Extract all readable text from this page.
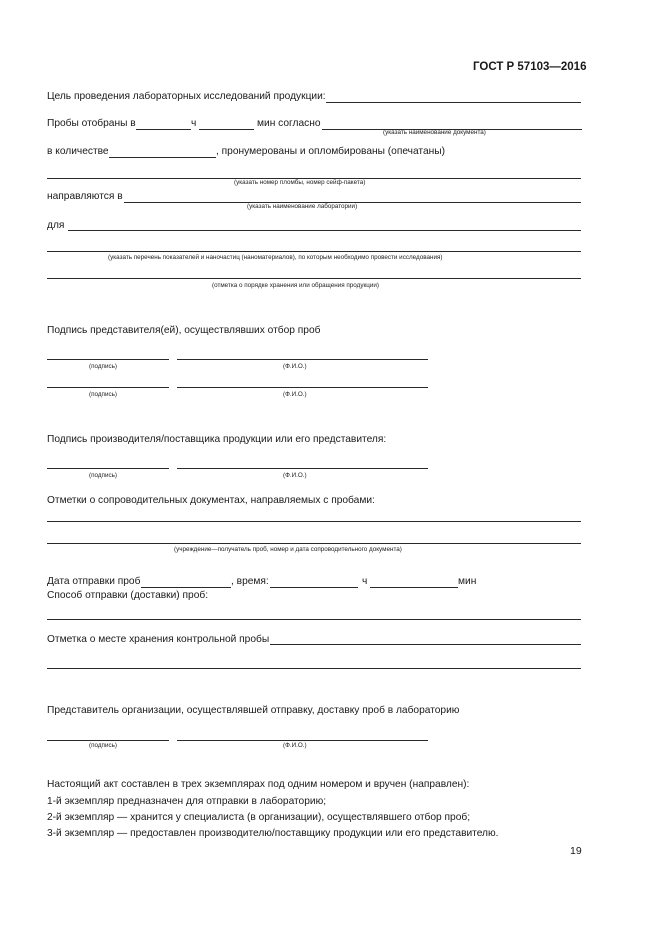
ГОСТ Р 57103—2016
Цель проведения лабораторных исследований продукции:
Пробы отобраны в	ч	мин согласно
(указать наименование документа)
в количестве	, пронумерованы и опломбированы (опечатаны)
(указать номер пломбы, номер сейф-пакета)
направляются в
(указать наименование лаборатории)
для
(указать перечень показателей и наночастиц (наноматериалов), по которым необходимо провести исследования)
(отметка о порядке хранения или обращения продукции)
Подпись представителя(ей), осуществлявших отбор проб
(подпись)	(Ф.И.О.)
(подпись)	(Ф.И.О.)
Подпись производителя/поставщика продукции или его представителя:
(подпись)	(Ф.И.О.)
Отметки о сопроводительных документах, направляемых с пробами:
(учреждение—получатель проб, номер и дата сопроводительного документа)
Дата отправки проб	, время:	ч	мин
Способ отправки (доставки) проб:
Отметка о месте хранения контрольной пробы
Представитель организации, осуществлявшей отправку, доставку проб в лабораторию
(подпись)	(Ф.И.О.)
Настоящий акт составлен в трех экземплярах под одним номером и вручен (направлен):
1-й экземпляр предназначен для отправки в лабораторию;
2-й экземпляр — хранится у специалиста (в организации), осуществлявшего отбор проб;
3-й экземпляр — предоставлен производителю/поставщику продукции или его представителю.
19
